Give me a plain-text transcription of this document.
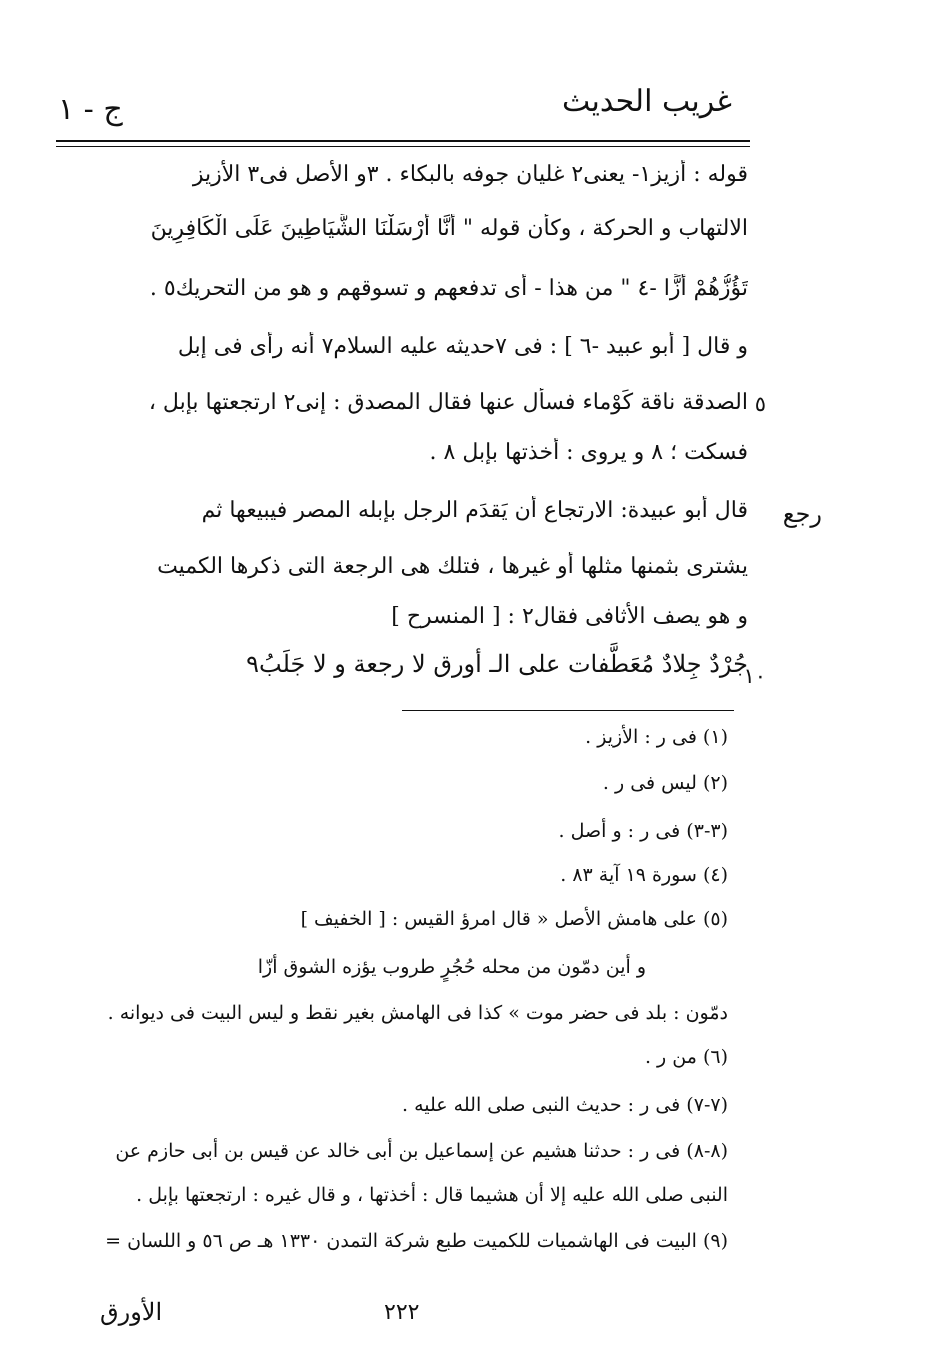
غريب الحديث
ج - ١
رجع
٥
١٠
قوله : أزيز١- يعنى٢ غليان جوفه بالبكاء . ٣و الأصل فى٣ الأزيز
الالتهاب و الحركة ، وكأن قوله " أَنَّا أَرْسَلْنَا الشَّيَاطِينَ عَلَى الْكَافِرِينَ
تَؤُزُّهُمْ أَزًّا -٤ " من هذا - أى تدفعهم و تسوقهم و هو من التحريك٥ .
و قال [ أبو عبيد -٦ ] : فى ٧حديثه عليه السلام٧ أنه رأى فى إبل
الصدقة ناقة كَوْماء فسأل عنها فقال المصدق : إنى٢ ارتجعتها بإبل ،
فسكت ؛ ٨ و يروى : أخذتها بإبل ٨ .
قال أبو عبيدة: الارتجاع أن يَقدَم الرجل بإبله المصر فيبيعها ثم
يشترى بثمنها مثلها أو غيرها ، فتلك هى الرجعة التى ذكرها الكميت
و هو يصف الأثافى فقال٢ : [ المنسرح ]
جُرْدٌ جِلادٌ مُعَطَّفات على الـ أورق لا رجعة و لا جَلَبُ٩
(١) فى ر : الأزيز .
(٢) ليس فى ر .
(٣-٣) فى ر : و أصل .
(٤) سورة ١٩ آية ٨٣ .
(٥) على هامش الأصل « قال امرؤ القيس : [ الخفيف ]
و أين دمّون من محله حُجُرٍ طروب يؤزه الشوق أزّا
دمّون : بلد فى حضر موت » كذا فى الهامش بغير نقط و ليس البيت فى ديوانه .
(٦) من ر .
(٧-٧) فى ر : حديث النبى صلى الله عليه .
(٨-٨) فى ر : حدثنا هشيم عن إسماعيل بن أبى خالد عن قيس بن أبى حازم عن
النبى صلى الله عليه إلا أن هشيما قال : أخذتها ، و قال غيره : ارتجعتها بإبل .
(٩) البيت فى الهاشميات للكميت طبع شركة التمدن ١٣٣٠ هـ ص ٥٦ و اللسان =
٢٢٢
الأورق
